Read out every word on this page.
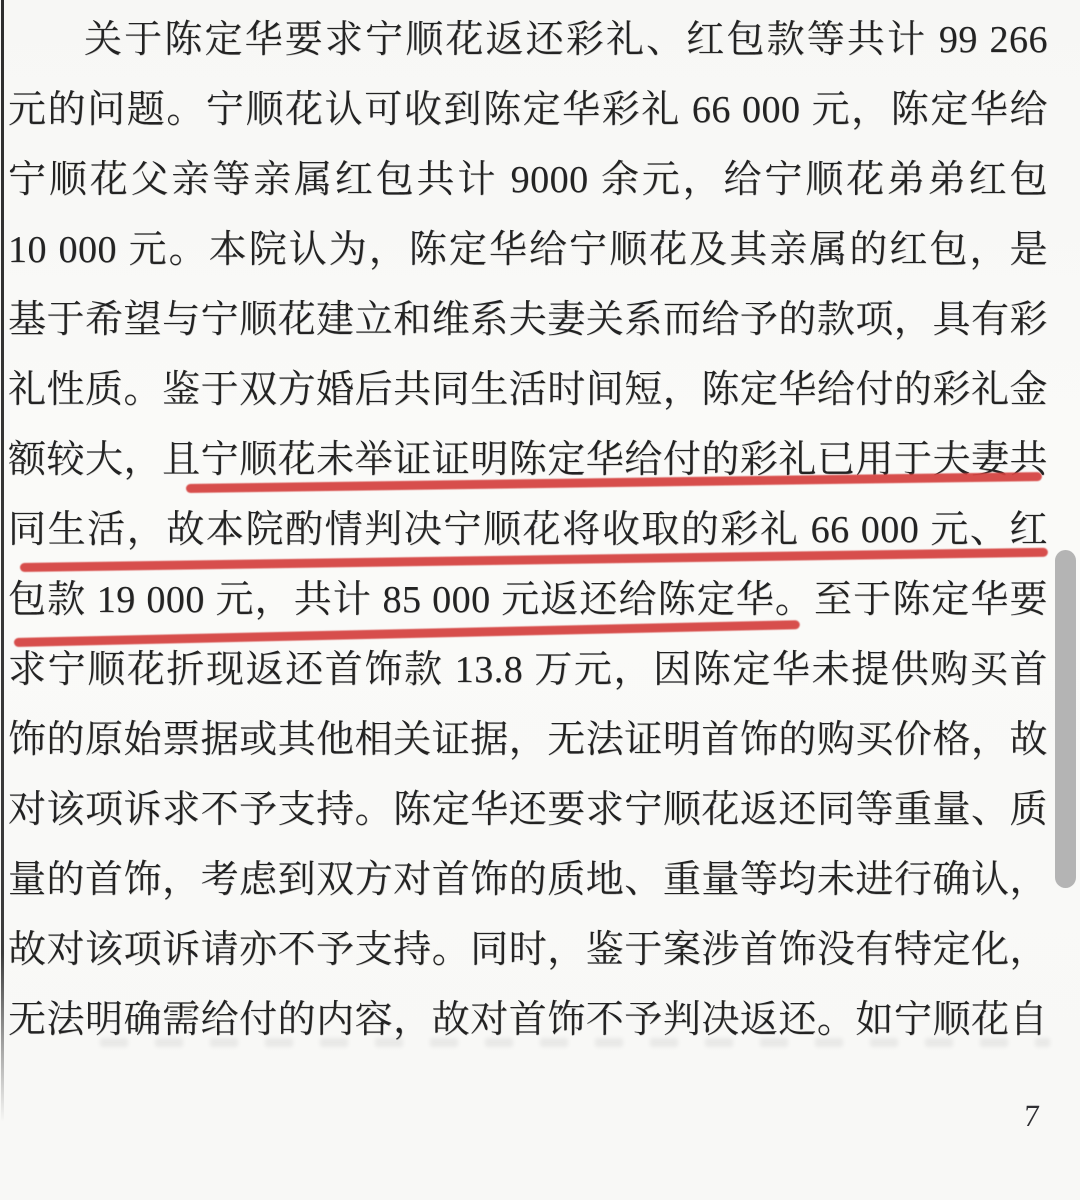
关于陈定华要求宁顺花返还彩礼、红包款等共计 99 266
元的问题。宁顺花认可收到陈定华彩礼 66 000 元，陈定华给
宁顺花父亲等亲属红包共计 9000 余元，给宁顺花弟弟红包
10 000 元。本院认为，陈定华给宁顺花及其亲属的红包，是
基于希望与宁顺花建立和维系夫妻关系而给予的款项，具有彩
礼性质。鉴于双方婚后共同生活时间短，陈定华给付的彩礼金
额较大，且宁顺花未举证证明陈定华给付的彩礼已用于夫妻共
同生活，故本院酌情判决宁顺花将收取的彩礼 66 000 元、红
包款 19 000 元，共计 85 000 元返还给陈定华。至于陈定华要
求宁顺花折现返还首饰款 13.8 万元，因陈定华未提供购买首
饰的原始票据或其他相关证据，无法证明首饰的购买价格，故
对该项诉求不予支持。陈定华还要求宁顺花返还同等重量、质
量的首饰，考虑到双方对首饰的质地、重量等均未进行确认，
故对该项诉请亦不予支持。同时，鉴于案涉首饰没有特定化，
无法明确需给付的内容，故对首饰不予判决返还。如宁顺花自
7
